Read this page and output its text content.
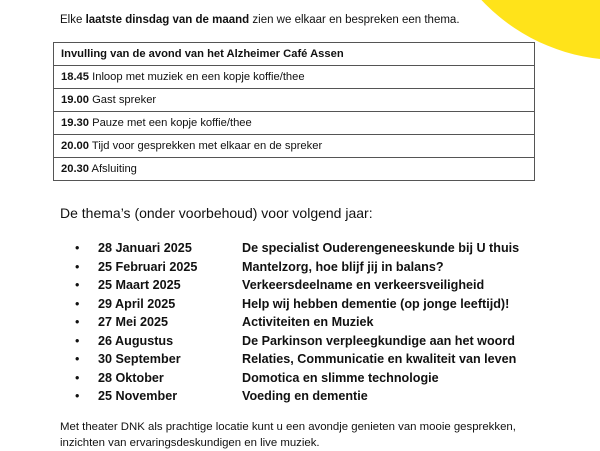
Elke laatste dinsdag van de maand zien we elkaar en bespreken een thema.

Invulling van de avond van het Alzheimer Café Assen
18.45 Inloop met muziek en een kopje koffie/thee
19.00 Gast spreker
19.30 Pauze met een kopje koffie/thee
20.00 Tijd voor gesprekken met elkaar en de spreker
20.30 Afsluiting
De thema’s (onder voorbehoud) voor volgend jaar:
• 28 Januari 2025	De specialist Ouderengeneeskunde bij U thuis
• 25 Februari 2025	Mantelzorg, hoe blijf jij in balans?
• 25 Maart 2025	Verkeersdeelname en verkeersveiligheid
• 29 April 2025	Help wij hebben dementie (op jonge leeftijd)!
• 27 Mei 2025	Activiteiten en Muziek
• 26 Augustus	De Parkinson verpleegkundige aan het woord
• 30 September	Relaties, Communicatie en kwaliteit van leven
• 28 Oktober	Domotica en slimme technologie
• 25 November	Voeding en dementie
Met theater DNK als prachtige locatie kunt u een avondje genieten van mooie gesprekken,
inzichten van ervaringsdeskundigen en live muziek.
